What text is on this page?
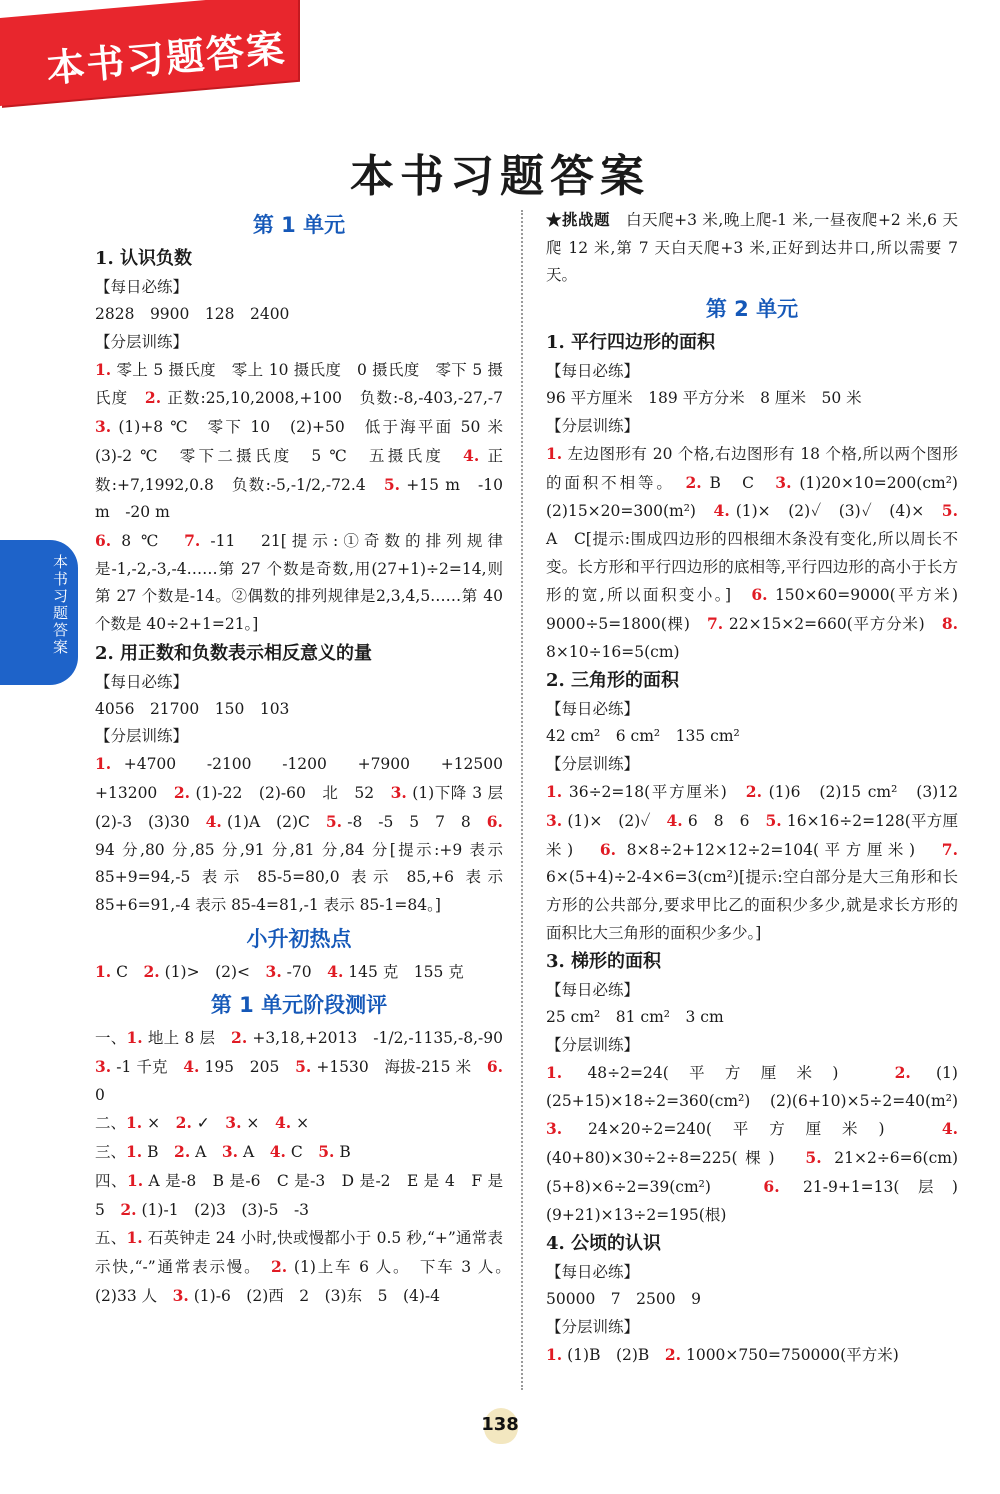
本书习题答案
本书习题答案
本书习题答案
第 1 单元
1. 认识负数
【每日必练】
2828　9900　128　2400
【分层训练】
1. 零上 5 摄氏度　零上 10 摄氏度　0 摄氏度　零下 5 摄氏度　 2. 正数:25,10,2008,+100　负数:-8,-403,-27,-7　3. (1)+8 ℃　零下 10　(2)+50　低于海平面 50 米　(3)-2 ℃　零下二摄氏度　5 ℃　五摄氏度　 4. 正数:+7,1992,0.8　负数:-5,-1/2,-72.4　 5. +15 m　-10 m　-20 m
6. 8 ℃　 7. -11　21[提示:①奇数的排列规律是-1,-2,-3,-4……第 27 个数是奇数,用(27+1)÷2=14,则第 27 个数是-14。②偶数的排列规律是2,3,4,5……第 40 个数是 40÷2+1=21。]
2. 用正数和负数表示相反意义的量
【每日必练】
4056　21700　150　103
【分层训练】
1. +4700　-2100　-1200　+7900　+12500　+13200　 2. (1)-22　(2)-60　北　52　 3. (1)下降 3 层　(2)-3　(3)30　 4. (1)A　(2)C　 5. -8　-5　5　7　8　 6. 94 分,80 分,85 分,91 分,81 分,84 分[提示:+9 表示 85+9=94,-5 表示 85-5=80,0 表示 85,+6 表示 85+6=91,-4 表示 85-4=81,-1 表示 85-1=84。]
小升初热点
1. C　 2. (1)>　(2)<　 3. -70　 4. 145 克　155 克
第 1 单元阶段测评
一、1. 地上 8 层　 2. +3,18,+2013　-1/2,-1135,-8,-90　3. -1 千克　 4. 195　205　 5. +1530　海拔-215 米　 6. 0
二、1. ×　 2. ✓　 3. ×　 4. ×
三、1. B　 2. A　 3. A　 4. C　 5. B
四、1. A 是-8　B 是-6　C 是-3　D 是-2　E 是 4　F 是 5　 2. (1)-1　(2)3　(3)-5　-3
五、1. 石英钟走 24 小时,快或慢都小于 0.5 秒,“+”通常表示快,“-”通常表示慢。　 2. (1)上车 6 人。　下车 3 人。　(2)33 人　 3. (1)-6　(2)西　2　(3)东　5　(4)-4
★挑战题　 白天爬+3 米,晚上爬-1 米,一昼夜爬+2 米,6 天爬 12 米,第 7 天白天爬+3 米,正好到达井口,所以需要 7 天。
第 2 单元
1. 平行四边形的面积
【每日必练】
96 平方厘米　189 平方分米　8 厘米　50 米
【分层训练】
1. 左边图形有 20 个格,右边图形有 18 个格,所以两个图形的面积不相等。　 2. B　C　 3. (1)20×10=200(cm²)　(2)15×20=300(m²)　 4. (1)×　(2)✓　(3)✓　(4)×　 5. A　C[提示:围成四边形的四根细木条没有变化,所以周长不变。长方形和平行四边形的底相等,平行四边形的高小于长方形的宽,所以面积变小。]　 6. 150×60=9000(平方米)　9000÷5=1800(棵)　 7. 22×15×2=660(平方分米)　 8. 8×10÷16=5(cm)
2. 三角形的面积
【每日必练】
42 cm²　6 cm²　135 cm²
【分层训练】
1. 36÷2=18(平方厘米)　 2. (1)6　(2)15 cm²　(3)12　3. (1)×　(2)✓　 4. 6　8　6　 5. 16×16÷2=128(平方厘米)　 6. 8×8÷2+12×12÷2=104(平方厘米)　 7. 6×(5+4)÷2-4×6=3(cm²)[提示:空白部分是大三角形和长方形的公共部分,要求甲比乙的面积少多少,就是求长方形的面积比大三角形的面积少多少。]
3. 梯形的面积
【每日必练】
25 cm²　81 cm²　3 cm
【分层训练】
1. 48÷2=24(平方厘米)　	2. (1)(25+15)×18÷2=360(cm²)　(2)(6+10)×5÷2=40(m²)　3. 24×20÷2=240(平方厘米)　	4. (40+80)×30÷2÷8=225(棵)　 5. 21×2÷6=6(cm)　(5+8)×6÷2=39(cm²)　	6. 21-9+1=13(层)　(9+21)×13÷2=195(根)
4. 公顷的认识
【每日必练】
50000　7　2500　9
【分层训练】
1. (1)B　(2)B　 2. 1000×750=750000(平方米)
138
